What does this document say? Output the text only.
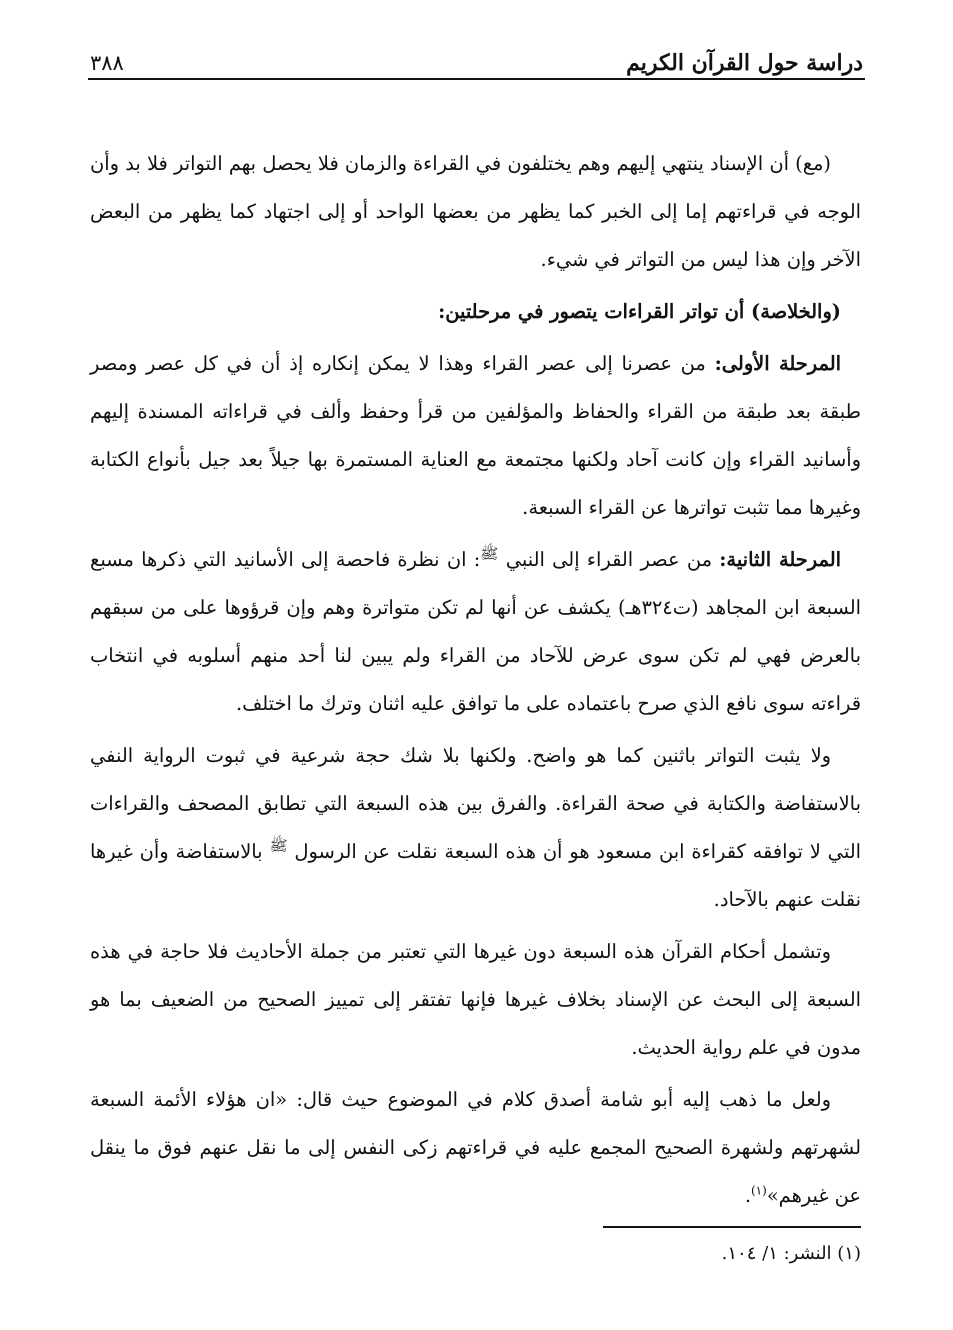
دراسة حول القرآن الكريم
٣٨٨

(مع) أن الإسناد ينتهي إليهم وهم يختلفون في القراءة والزمان فلا يحصل بهم التواتر فلا بد وأن الوجه في قراءتهم إما إلى الخبر كما يظهر من بعضها الواحد أو إلى اجتهاد كما يظهر من البعض الآخر وإن هذا ليس من التواتر في شيء.

(والخلاصة) أن تواتر القراءات يتصور في مرحلتين:

المرحلة الأولى: من عصرنا إلى عصر القراء وهذا لا يمكن إنكاره إذ أن في كل عصر ومصر طبقة بعد طبقة من القراء والحفاظ والمؤلفين من قرأ وحفظ وألف في قراءاته المسندة إليهم وأسانيد القراء وإن كانت آحاد ولكنها مجتمعة مع العناية المستمرة بها جيلاً بعد جيل بأنواع الكتابة وغيرها مما تثبت تواترها عن القراء السبعة.

المرحلة الثانية: من عصر القراء إلى النبي $^ﷺ$: ان نظرة فاحصة إلى الأسانيد التي ذكرها مسبع السبعة ابن المجاهد (ت٣٢٤هـ) يكشف عن أنها لم تكن متواترة وهم وإن قرؤوها على من سبقهم بالعرض فهي لم تكن سوى عرض للآحاد من القراء ولم يبين لنا أحد منهم أسلوبه في انتخاب قراءته سوى نافع الذي صرح باعتماده على ما توافق عليه اثنان وترك ما اختلف.

ولا يثبت التواتر باثنين كما هو واضح. ولكنها بلا شك حجة شرعية في ثبوت الرواية النفي بالاستفاضة والكتابة في صحة القراءة. والفرق بين هذه السبعة التي تطابق المصحف والقراءات التي لا توافقه كقراءة ابن مسعود هو أن هذه السبعة نقلت عن الرسول $^ﷺ$ بالاستفاضة وأن غيرها نقلت عنهم بالآحاد.

وتشمل أحكام القرآن هذه السبعة دون غيرها التي تعتبر من جملة الأحاديث فلا حاجة في هذه السبعة إلى البحث عن الإسناد بخلاف غيرها فإنها تفتقر إلى تمييز الصحيح من الضعيف بما هو مدون في علم رواية الحديث.

ولعل ما ذهب إليه أبو شامة أصدق كلام في الموضوع حيث قال: «ان هؤلاء الأئمة السبعة لشهرتهم ولشهرة الصحيح المجمع عليه في قراءتهم زكى النفس إلى ما نقل عنهم فوق ما ينقل عن غيرهم»$^{(١)}$.

(١) النشر: ١/ ١٠٤.
